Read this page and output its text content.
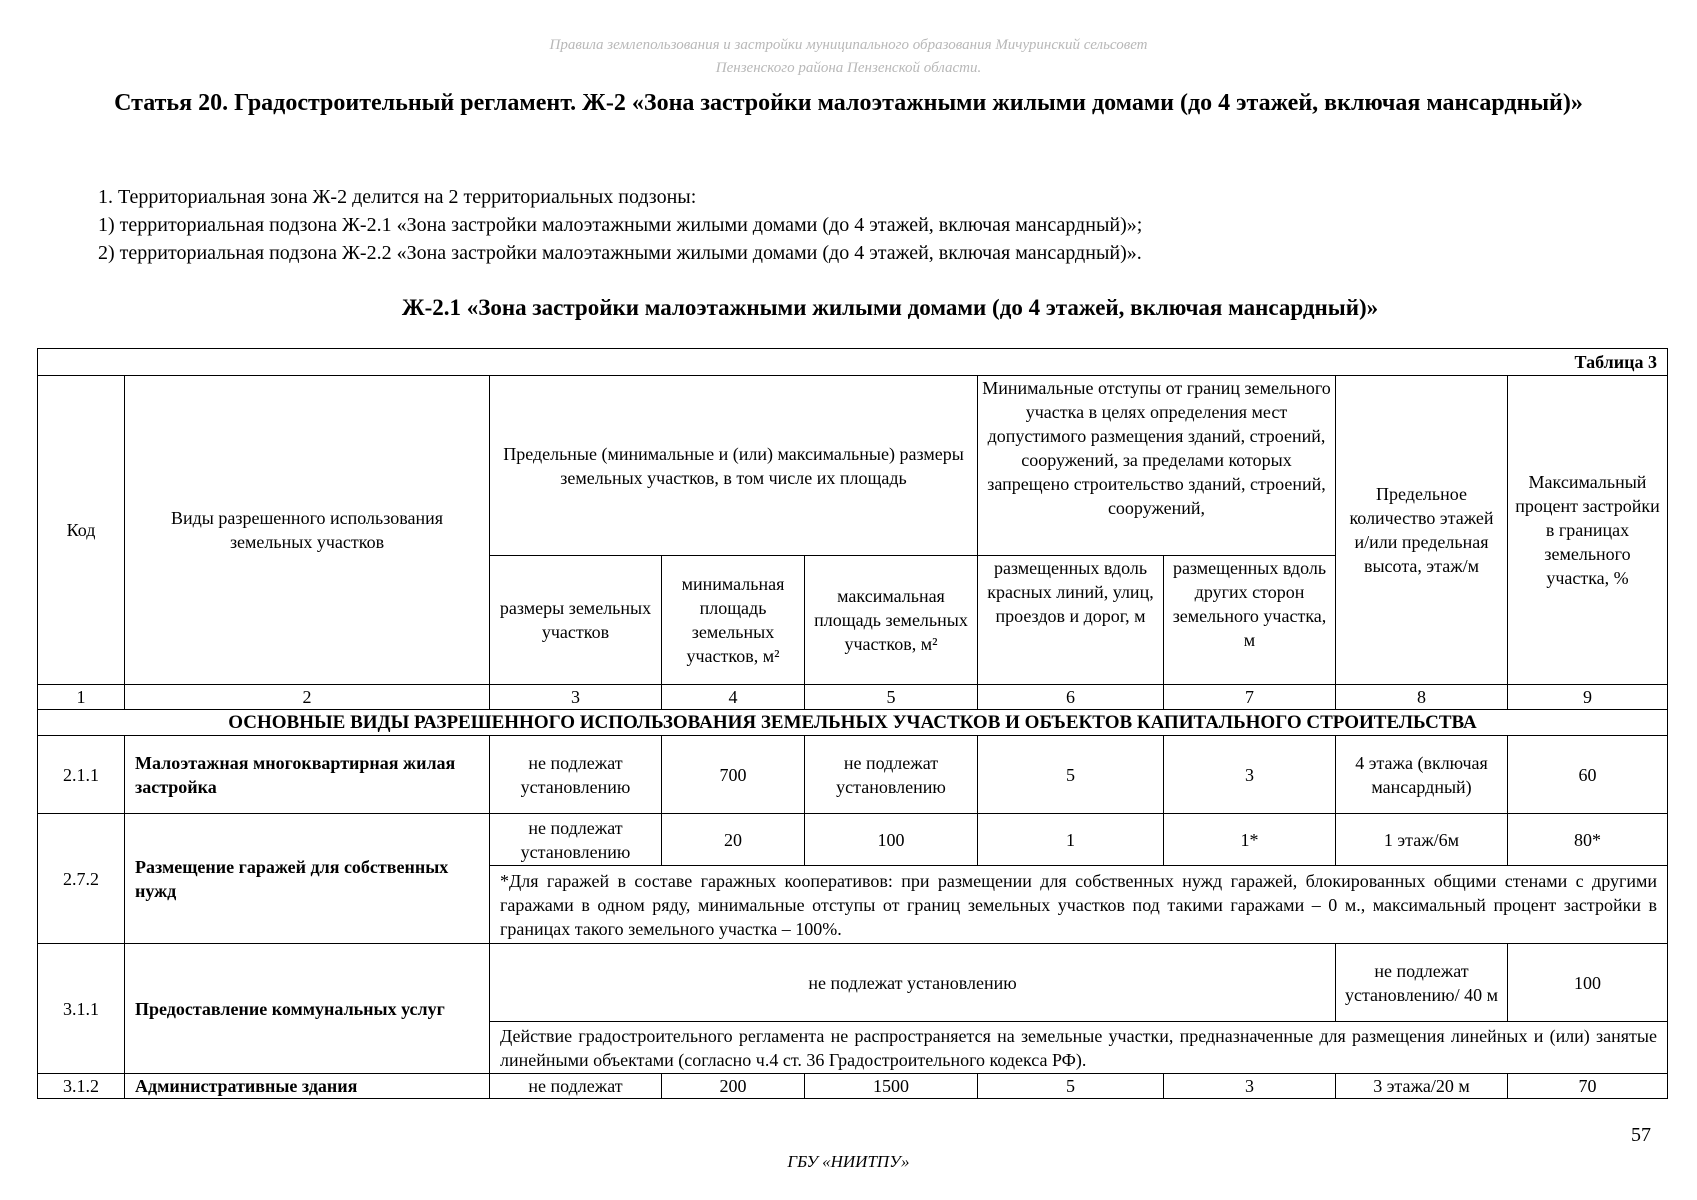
Правила землепользования и застройки муниципального образования Мичуринский сельсовет
Пензенского района Пензенской области.
Статья 20. Градостроительный регламент. Ж-2 «Зона застройки малоэтажными жилыми домами (до 4 этажей, включая мансардный)»
1. Территориальная зона Ж-2 делится на 2 территориальных подзоны:
1) территориальная подзона Ж-2.1 «Зона застройки малоэтажными жилыми домами (до 4 этажей, включая мансардный)»;
2) территориальная подзона Ж-2.2 «Зона застройки малоэтажными жилыми домами (до 4 этажей, включая мансардный)».
Ж-2.1 «Зона застройки малоэтажными жилыми домами (до 4 этажей, включая мансардный)»
Таблица 3								
Код	Виды разрешенного использования земельных участков	Предельные (минимальные и (или) максимальные) размеры земельных участков, в том числе их площадь			Минимальные отступы от границ земельного участка в целях определения мест допустимого размещения зданий, строений, сооружений, за пределами которых запрещено строительство зданий, строений, сооружений,		Предельное количество этажей и/или предельная высота, этаж/м	Максимальный процент застройки в границах земельного участка, %
		размеры земельных участков	минимальная площадь земельных участков, м²	максимальная площадь земельных участков, м²	размещенных вдоль красных линий, улиц, проездов и дорог, м	размещенных вдоль других сторон земельного участка, м		
1	2	3	4	5	6	7	8	9
ОСНОВНЫЕ ВИДЫ РАЗРЕШЕННОГО ИСПОЛЬЗОВАНИЯ ЗЕМЕЛЬНЫХ УЧАСТКОВ И ОБЪЕКТОВ КАПИТАЛЬНОГО СТРОИТЕЛЬСТВА								
2.1.1	Малоэтажная многоквартирная жилая застройка	не подлежат установлению	700	не подлежат установлению	5	3	4 этажа (включая мансардный)	60
2.7.2	Размещение гаражей для собственных нужд	не подлежат установлению	20	100	1	1*	1 этаж/6м	80*
		*Для гаражей в составе гаражных кооперативов: при размещении для собственных нужд гаражей, блокированных общими стенами с другими гаражами в одном ряду, минимальные отступы от границ земельных участков под такими гаражами – 0 м., максимальный процент застройки в границах такого земельного участка – 100%.						
3.1.1	Предоставление коммунальных услуг	не подлежат установлению					не подлежат установлению/ 40 м	100
		Действие градостроительного регламента не распространяется на земельные участки, предназначенные для размещения линейных и (или) занятые линейными объектами (согласно ч.4 ст. 36 Градостроительного кодекса РФ).						
3.1.2	Административные здания	не подлежат	200	1500	5	3	3 этажа/20 м	70
57
ГБУ «НИИТПУ»
